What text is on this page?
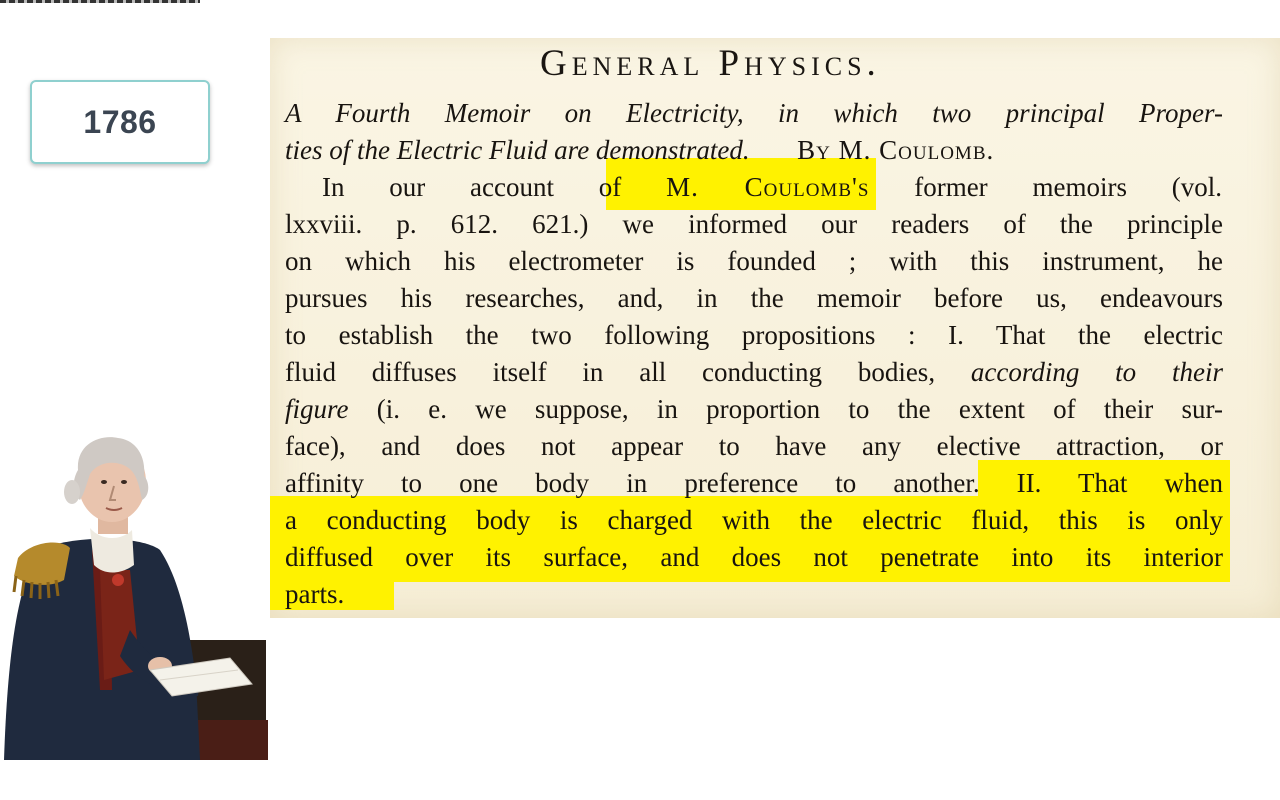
1786
General Physics.
A Fourth Memoir on Electricity, in which two principal Proper-
ties of the Electric Fluid are demonstrated. By M. Coulomb.
In our account of M. Coulomb's former memoirs (vol.
lxxviii. p. 612. 621.) we informed our readers of the principle
on which his electrometer is founded ; with this instrument, he
pursues his researches, and, in the memoir before us, endeavours
to establish the two following propositions : I. That the electric
fluid diffuses itself in all conducting bodies, according to their
figure (i. e. we suppose, in proportion to the extent of their sur-
face), and does not appear to have any elective attraction, or
affinity to one body in preference to another. II. That when
a conducting body is charged with the electric fluid, this is only
diffused over its surface, and does not penetrate into its interior
parts.
